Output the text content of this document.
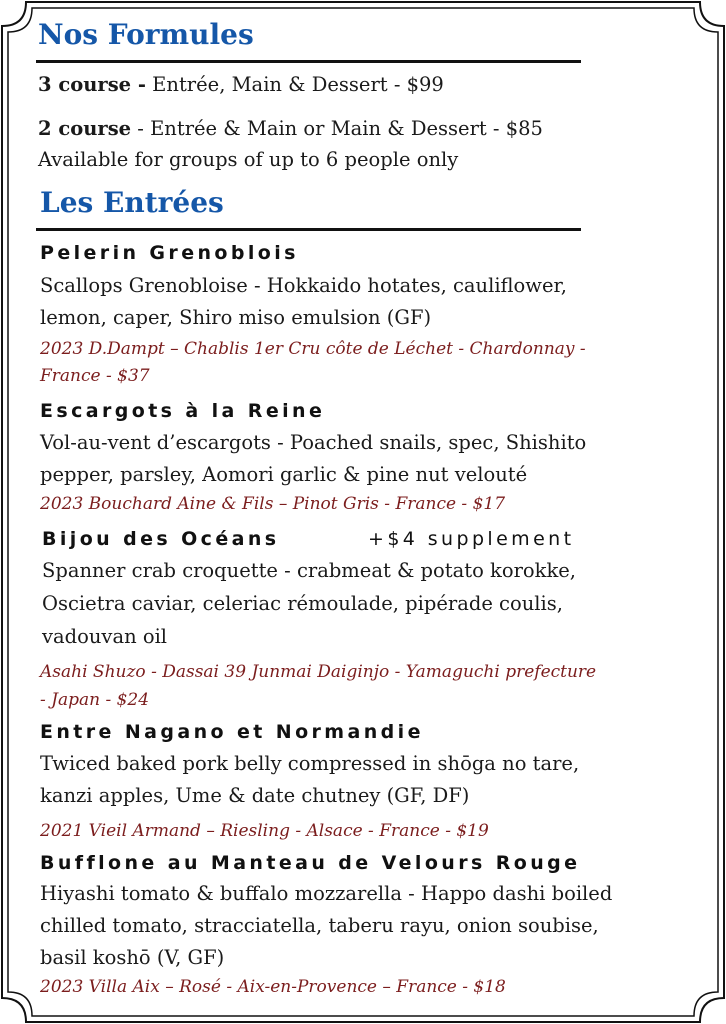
Nos Formules
3 course - Entrée, Main & Dessert - $99
2 course - Entrée & Main or Main & Dessert - $85
Available for groups of up to 6 people only
Les Entrées
Pelerin Grenoblois
Scallops Grenobloise - Hokkaido hotates, cauliflower,
lemon, caper, Shiro miso emulsion (GF)
2023 D.Dampt – Chablis 1er Cru côte de Léchet - Chardonnay -
France - $37
Escargots à la Reine
Vol-au-vent d’escargots - Poached snails, spec, Shishito
pepper, parsley, Aomori garlic & pine nut velouté
2023 Bouchard Aine & Fils – Pinot Gris - France - $17
Bijou des Océans	+$4 supplement
Spanner crab croquette - crabmeat & potato korokke,
Oscietra caviar, celeriac rémoulade, pipérade coulis,
vadouvan oil
Asahi Shuzo - Dassai 39 Junmai Daiginjo - Yamaguchi prefecture
- Japan - $24
Entre Nagano et Normandie
Twiced baked pork belly compressed in shōga no tare,
kanzi apples, Ume & date chutney (GF, DF)
2021 Vieil Armand – Riesling - Alsace - France - $19
Bufflone au Manteau de Velours Rouge
Hiyashi tomato & buffalo mozzarella - Happo dashi boiled
chilled tomato, stracciatella, taberu rayu, onion soubise,
basil koshō (V, GF)
2023 Villa Aix – Rosé - Aix-en-Provence – France - $18
